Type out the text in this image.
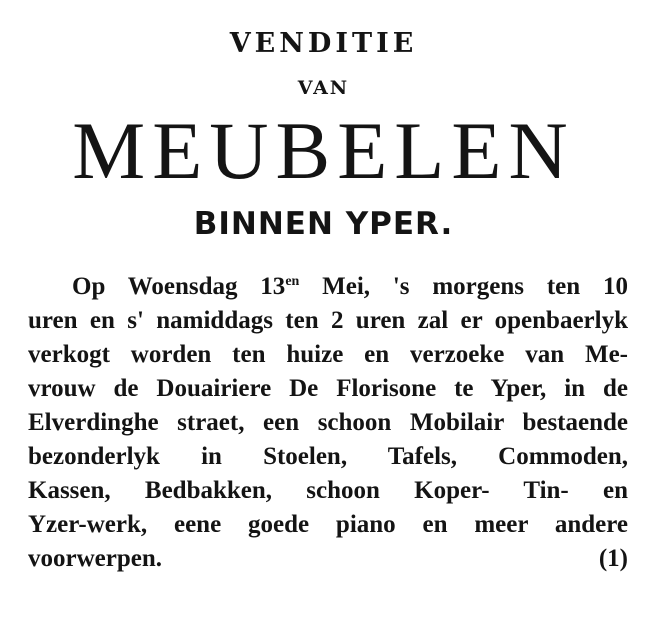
VENDITIE
VAN
MEUBELEN
BINNEN YPER.
Op Woensdag $13^{en}$ Mei, 's morgens ten 10
uren en s' namiddags ten 2 uren zal er openbaerlyk
verkogt worden ten huize en verzoeke van Me-
vrouw de Douairiere De Florisone te Yper, in de
Elverdinghe straet, een schoon Mobilair bestaende
bezonderlyk in Stoelen, Tafels, Commoden,
Kassen, Bedbakken, schoon Koper- Tin- en
Yzer-werk, eene goede piano en meer andere
voorwerpen.	(1)
